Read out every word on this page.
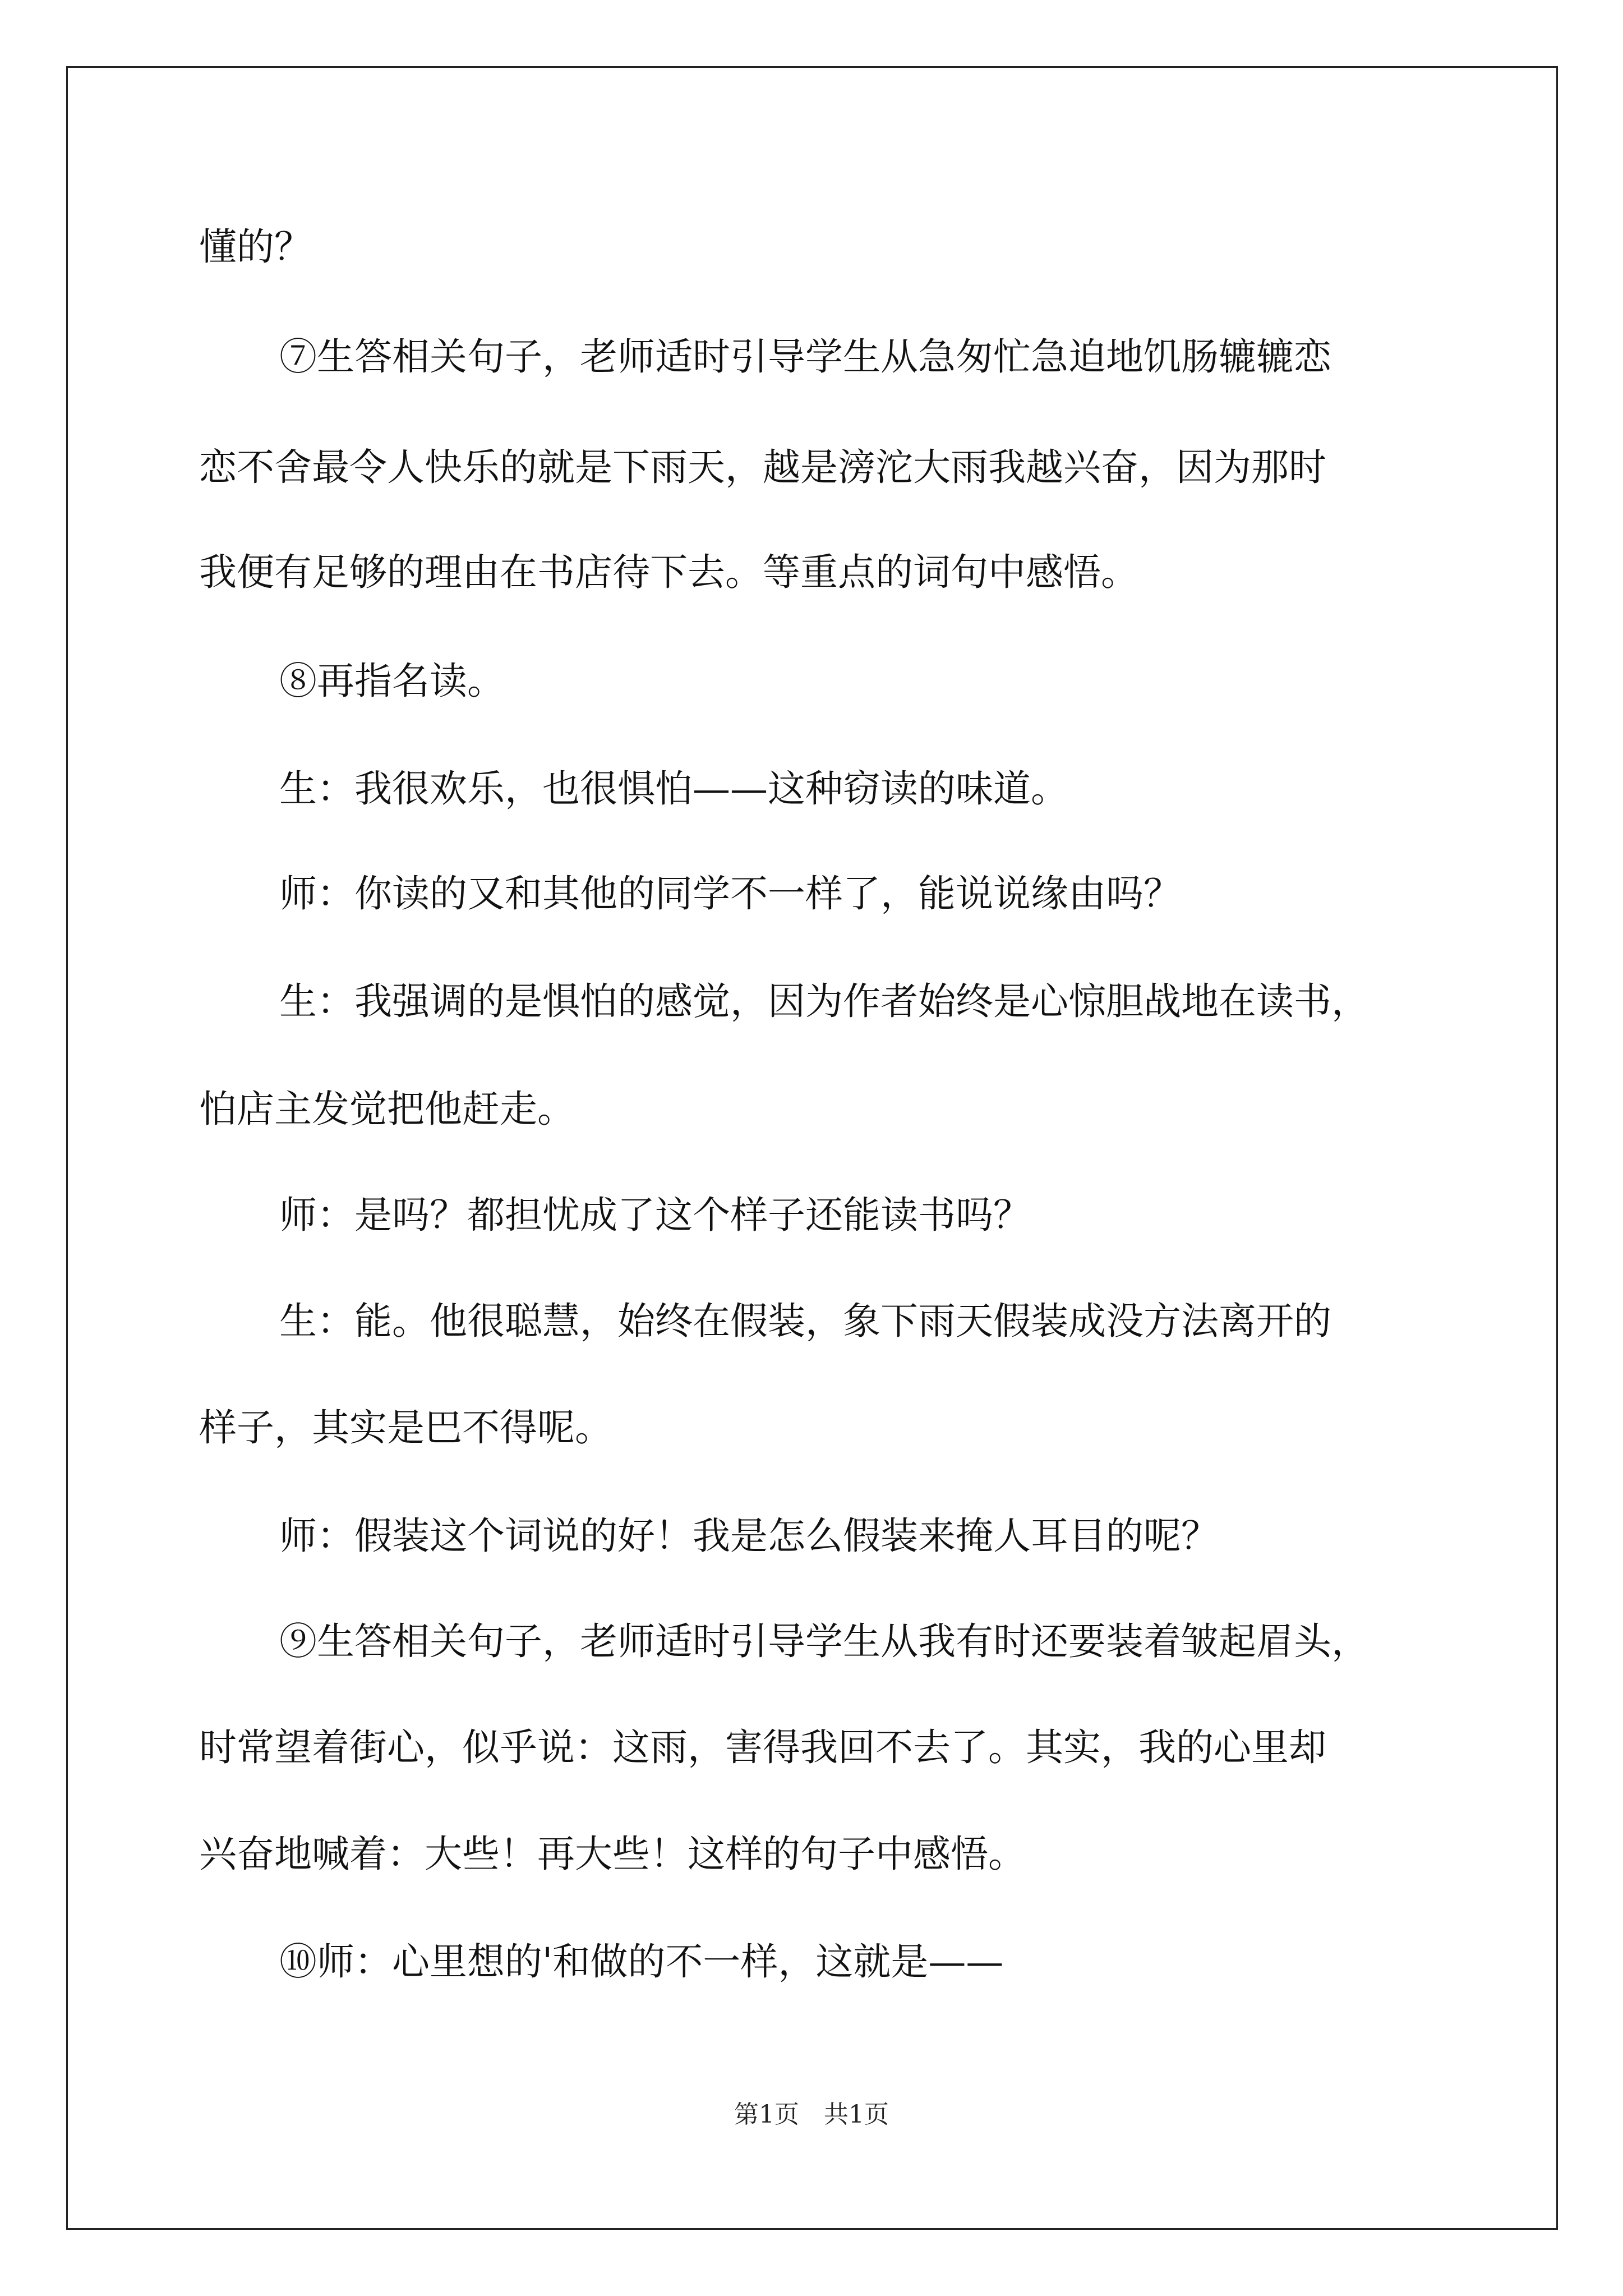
懂的？
⑦生答相关句子，老师适时引导学生从急匆忙急迫地饥肠辘辘恋
恋不舍最令人快乐的就是下雨天，越是滂沱大雨我越兴奋，因为那时
我便有足够的理由在书店待下去。等重点的词句中感悟。
⑧再指名读。
生：我很欢乐，也很惧怕——这种窃读的味道。
师：你读的又和其他的同学不一样了，能说说缘由吗？
生：我强调的是惧怕的感觉，因为作者始终是心惊胆战地在读书，
怕店主发觉把他赶走。
师：是吗？都担忧成了这个样子还能读书吗？
生：能。他很聪慧，始终在假装，象下雨天假装成没方法离开的
样子，其实是巴不得呢。
师：假装这个词说的好！我是怎么假装来掩人耳目的呢？
⑨生答相关句子，老师适时引导学生从我有时还要装着皱起眉头，
时常望着街心，似乎说：这雨，害得我回不去了。其实，我的心里却
兴奋地喊着：大些！再大些！这样的句子中感悟。
⑩师：心里想的'和做的不一样，这就是——
第1页　共1页
